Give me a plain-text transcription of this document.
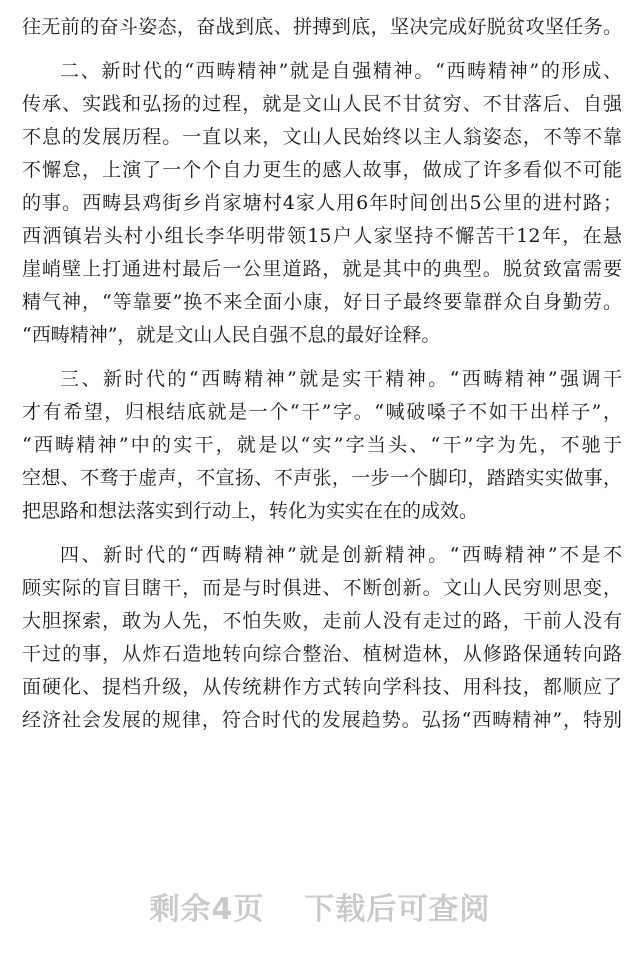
往无前的奋斗姿态，奋战到底、拼搏到底，坚决完成好脱贫攻坚任务。
二、新时代的“西畴精神”就是自强精神。“西畴精神”的形成、
传承、实践和弘扬的过程，就是文山人民不甘贫穷、不甘落后、自强
不息的发展历程。一直以来，文山人民始终以主人翁姿态，不等不靠
不懈怠，上演了一个个自力更生的感人故事，做成了许多看似不可能
的事。西畴县鸡街乡肖家塘村4家人用6年时间创出5公里的进村路；
西洒镇岩头村小组长李华明带领15户人家坚持不懈苦干12年，在悬
崖峭壁上打通进村最后一公里道路，就是其中的典型。脱贫致富需要
精气神，“等靠要”换不来全面小康，好日子最终要靠群众自身勤劳。
“西畴精神”，就是文山人民自强不息的最好诠释。
三、新时代的“西畴精神”就是实干精神。“西畴精神”强调干
才有希望，归根结底就是一个“干”字。“喊破嗓子不如干出样子”，
“西畴精神”中的实干，就是以“实”字当头、“干”字为先，不驰于
空想、不骛于虚声，不宣扬、不声张，一步一个脚印，踏踏实实做事，
把思路和想法落实到行动上，转化为实实在在的成效。
四、新时代的“西畴精神”就是创新精神。“西畴精神”不是不
顾实际的盲目瞎干，而是与时俱进、不断创新。文山人民穷则思变，
大胆探索，敢为人先，不怕失败，走前人没有走过的路，干前人没有
干过的事，从炸石造地转向综合整治、植树造林，从修路保通转向路
面硬化、提档升级，从传统耕作方式转向学科技、用科技，都顺应了
经济社会发展的规律，符合时代的发展趋势。弘扬“西畴精神”，特别
剩余4页 下载后可查阅
